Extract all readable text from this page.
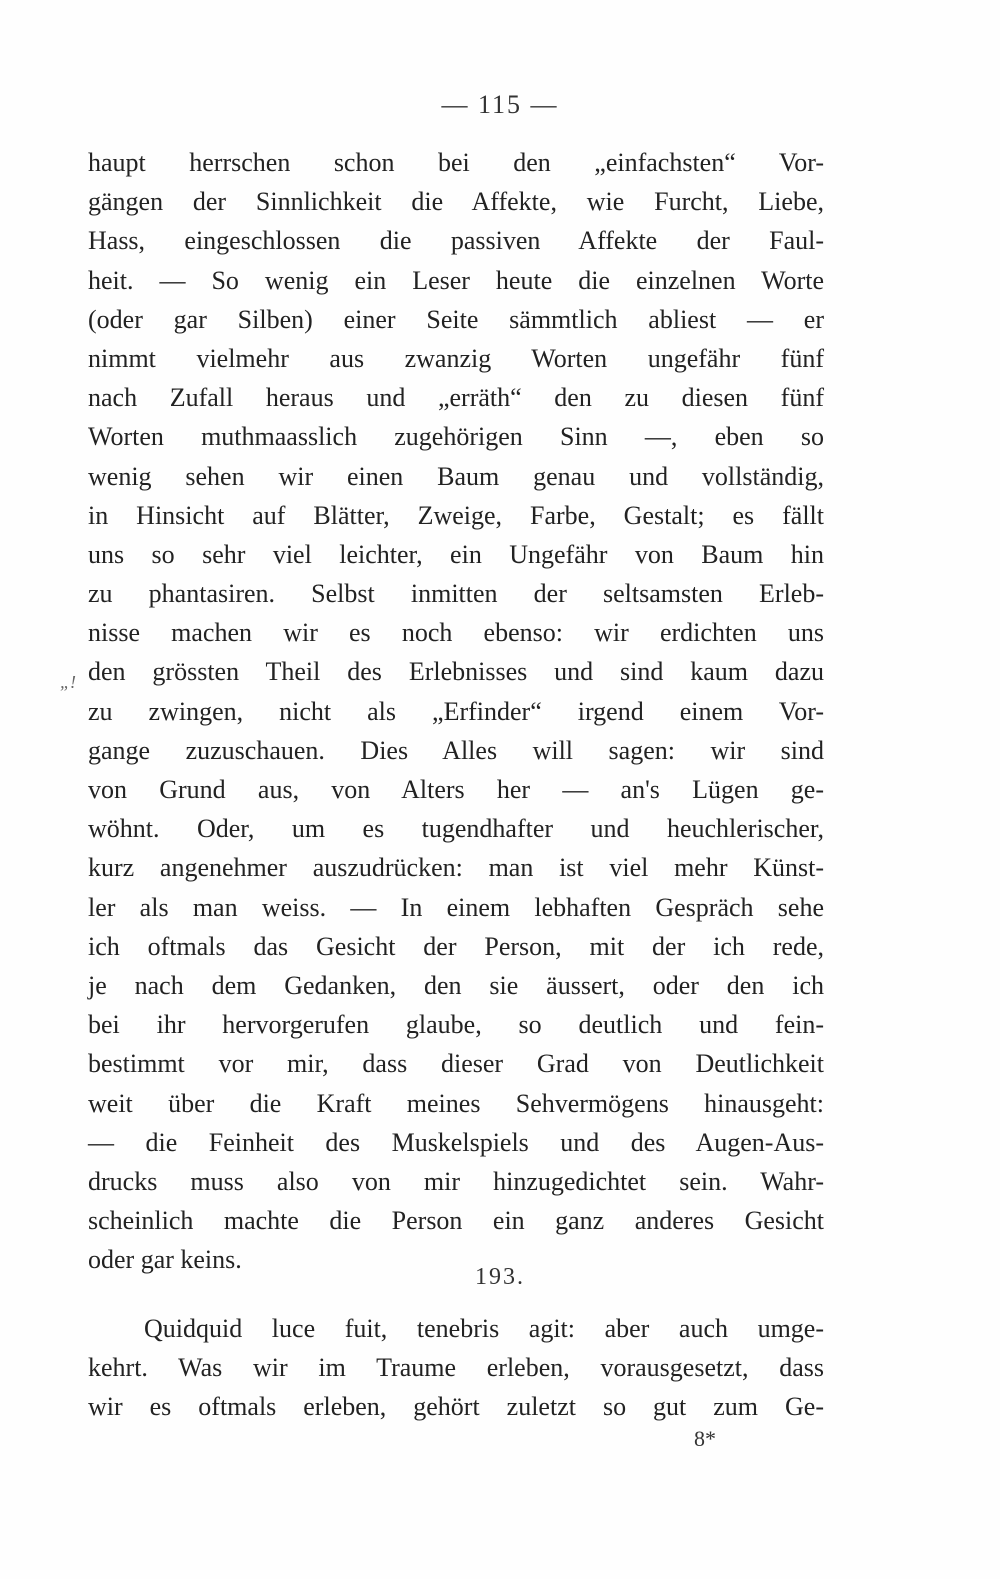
— 115 —
„!
haupt herrschen schon bei den „einfachsten“ Vor-
gängen der Sinnlichkeit die Affekte, wie Furcht, Liebe,
Hass, eingeschlossen die passiven Affekte der Faul-
heit. — So wenig ein Leser heute die einzelnen Worte
(oder gar Silben) einer Seite sämmtlich abliest — er
nimmt vielmehr aus zwanzig Worten ungefähr fünf
nach Zufall heraus und „erräth“ den zu diesen fünf
Worten muthmaasslich zugehörigen Sinn —, eben so
wenig sehen wir einen Baum genau und vollständig,
in Hinsicht auf Blätter, Zweige, Farbe, Gestalt; es fällt
uns so sehr viel leichter, ein Ungefähr von Baum hin
zu phantasiren. Selbst inmitten der seltsamsten Erleb-
nisse machen wir es noch ebenso: wir erdichten uns
den grössten Theil des Erlebnisses und sind kaum dazu
zu zwingen, nicht als „Erfinder“ irgend einem Vor-
gange zuzuschauen. Dies Alles will sagen: wir sind
von Grund aus, von Alters her — an's Lügen ge-
wöhnt. Oder, um es tugendhafter und heuchlerischer,
kurz angenehmer auszudrücken: man ist viel mehr Künst-
ler als man weiss. — In einem lebhaften Gespräch sehe
ich oftmals das Gesicht der Person, mit der ich rede,
je nach dem Gedanken, den sie äussert, oder den ich
bei ihr hervorgerufen glaube, so deutlich und fein-
bestimmt vor mir, dass dieser Grad von Deutlichkeit
weit über die Kraft meines Sehvermögens hinausgeht:
— die Feinheit des Muskelspiels und des Augen-Aus-
drucks muss also von mir hinzugedichtet sein. Wahr-
scheinlich machte die Person ein ganz anderes Gesicht
oder gar keins.
193.
Quidquid luce fuit, tenebris agit: aber auch umge-
kehrt. Was wir im Traume erleben, vorausgesetzt, dass
wir es oftmals erleben, gehört zuletzt so gut zum Ge-
8*
